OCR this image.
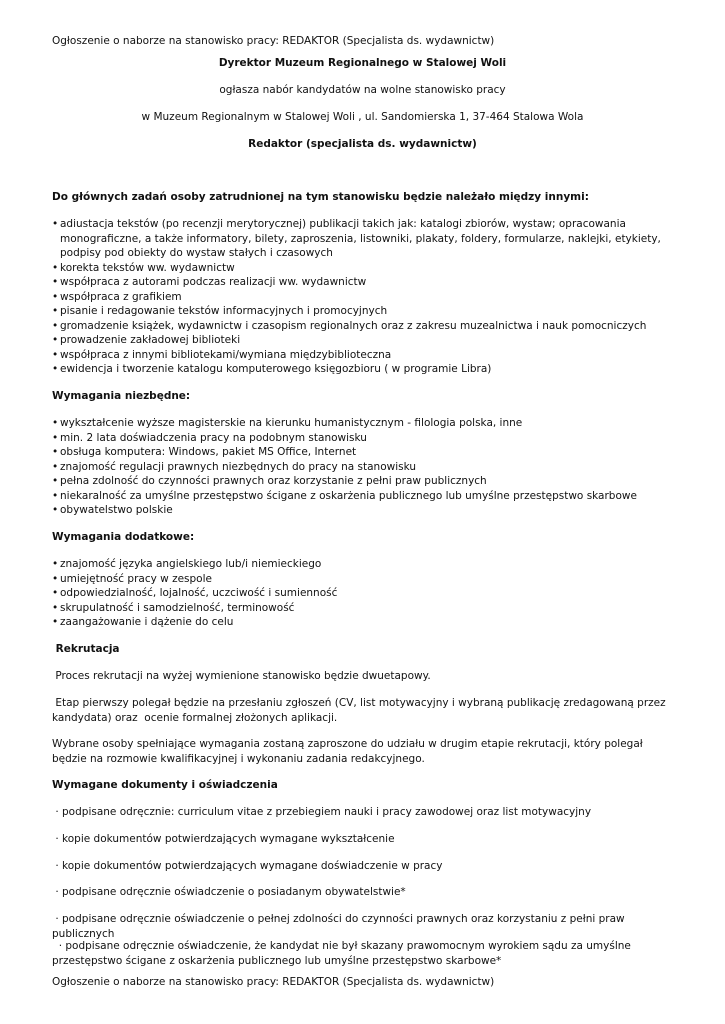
Ogłoszenie o naborze na stanowisko pracy: REDAKTOR (Specjalista ds. wydawnictw)
Dyrektor Muzeum Regionalnego w Stalowej Woli
ogłasza nabór kandydatów na wolne stanowisko pracy
w Muzeum Regionalnym w Stalowej Woli , ul. Sandomierska 1, 37-464 Stalowa Wola
Redaktor (specjalista ds. wydawnictw)
Do głównych zadań osoby zatrudnionej na tym stanowisku będzie należało między innymi:
• adiustacja tekstów (po recenzji merytorycznej) publikacji takich jak: katalogi zbiorów, wystaw; opracowania monograficzne, a także informatory, bilety, zaproszenia, listowniki, plakaty, foldery, formularze, naklejki, etykiety, podpisy pod obiekty do wystaw stałych i czasowych
• korekta tekstów ww. wydawnictw
• współpraca z autorami podczas realizacji ww. wydawnictw
• współpraca z grafikiem
• pisanie i redagowanie tekstów informacyjnych i promocyjnych
• gromadzenie książek, wydawnictw i czasopism regionalnych oraz z zakresu muzealnictwa i nauk pomocniczych
• prowadzenie zakładowej biblioteki
• współpraca z innymi bibliotekami/wymiana międzybiblioteczna
• ewidencja i tworzenie katalogu komputerowego księgozbioru ( w programie Libra)
Wymagania niezbędne:
• wykształcenie wyższe magisterskie na kierunku humanistycznym - filologia polska, inne
• min. 2 lata doświadczenia pracy na podobnym stanowisku
• obsługa komputera: Windows, pakiet MS Office, Internet
• znajomość regulacji prawnych niezbędnych do pracy na stanowisku
• pełna zdolność do czynności prawnych oraz korzystanie z pełni praw publicznych
• niekaralność za umyślne przestępstwo ścigane z oskarżenia publicznego lub umyślne przestępstwo skarbowe
• obywatelstwo polskie
Wymagania dodatkowe:
• znajomość języka angielskiego lub/i niemieckiego
• umiejętność pracy w zespole
• odpowiedzialność, lojalność, uczciwość i sumienność
• skrupulatność i samodzielność, terminowość
• zaangażowanie i dążenie do celu
Rekrutacja
Proces rekrutacji na wyżej wymienione stanowisko będzie dwuetapowy.
Etap pierwszy polegał będzie na przesłaniu zgłoszeń (CV, list motywacyjny i wybraną publikację zredagowaną przez kandydata) oraz  ocenie formalnej złożonych aplikacji.
Wybrane osoby spełniające wymagania zostaną zaproszone do udziału w drugim etapie rekrutacji, który polegał będzie na rozmowie kwalifikacyjnej i wykonaniu zadania redakcyjnego.
Wymagane dokumenty i oświadczenia
· podpisane odręcznie: curriculum vitae z przebiegiem nauki i pracy zawodowej oraz list motywacyjny
· kopie dokumentów potwierdzających wymagane wykształcenie
· kopie dokumentów potwierdzających wymagane doświadczenie w pracy
· podpisane odręcznie oświadczenie o posiadanym obywatelstwie*
· podpisane odręcznie oświadczenie o pełnej zdolności do czynności prawnych oraz korzystaniu z pełni praw publicznych
· podpisane odręcznie oświadczenie, że kandydat nie był skazany prawomocnym wyrokiem sądu za umyślne przestępstwo ścigane z oskarżenia publicznego lub umyślne przestępstwo skarbowe*
Ogłoszenie o naborze na stanowisko pracy: REDAKTOR (Specjalista ds. wydawnictw)
